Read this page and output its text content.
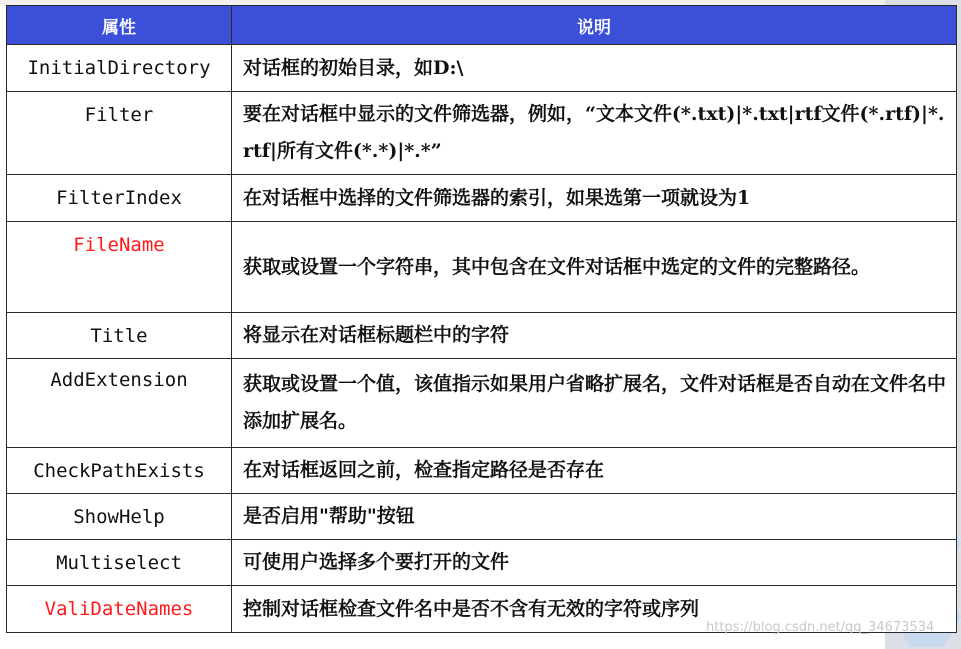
属性	说明
InitialDirectory	对话框的初始目录，如D:\
Filter	要在对话框中显示的文件筛选器，例如，“文本文件(*.txt)|*.txt|rtf文件(*.rtf)|*.rtf|所有文件(*.*)|*.*”
FilterIndex	在对话框中选择的文件筛选器的索引，如果选第一项就设为1
FileName	获取或设置一个字符串，其中包含在文件对话框中选定的文件的完整路径。
Title	将显示在对话框标题栏中的字符
AddExtension	获取或设置一个值，该值指示如果用户省略扩展名，文件对话框是否自动在文件名中添加扩展名。
CheckPathExists	在对话框返回之前，检查指定路径是否存在
ShowHelp	是否启用"帮助"按钮
Multiselect	可使用户选择多个要打开的文件
ValiDateNames	控制对话框检查文件名中是否不含有无效的字符或序列
https://blog.csdn.net/qq_34673534
